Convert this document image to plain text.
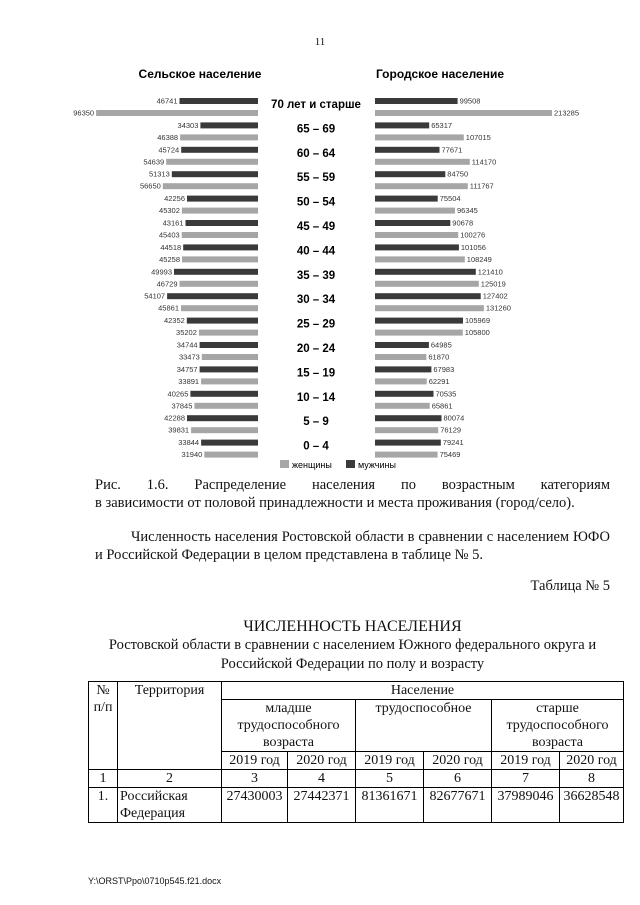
11
Сельское население	Городское население
46741
34303
45724
51313
42256
43161
44518
49993
54107
42352
34744
34757
40265
42288
33844
96350
46388
54639
56650
45302
45403
45258
46729
45861
35202
33473
33891
37845
39831
31940
99508
65317
77671
84750
75504
90678
101056
121410
127402
105969
64985
67983
70535
80074
79241
213285
107015
114170
111767
96345
100276
108249
125019
131260
105800
61870
62291
65861
76129
75469
70 лет и старше
65 – 69
60 – 64
55 – 59
50 – 54
45 – 49
40 – 44
35 – 39
30 – 34
25 – 29
20 – 24
15 – 19
10 – 14
5 – 9
0 – 4
женщины	мужчины
Рис. 1.6. Распределение населения по возрастным категориям
в зависимости от половой принадлежности и места проживания (город/село).
Численность населения Ростовской области в сравнении с населением ЮФО и Российской Федерации в целом представлена в таблице № 5.
Таблица № 5
ЧИСЛЕННОСТЬ НАСЕЛЕНИЯ
Ростовской области в сравнении с населением Южного федерального округа и Российской Федерации по полу и возрасту
№ п/п	Территория	Население					
		младше трудоспособного возраста		трудоспособное		старше трудоспособного возраста	
		2019 год	2020 год	2019 год	2020 год	2019 год	2020 год
1	2	3	4	5	6	7	8
1.	Российская Федерация	27430003	27442371	81361671	82677671	37989046	36628548
Y:\ORST\Ppo\0710p545.f21.docx
